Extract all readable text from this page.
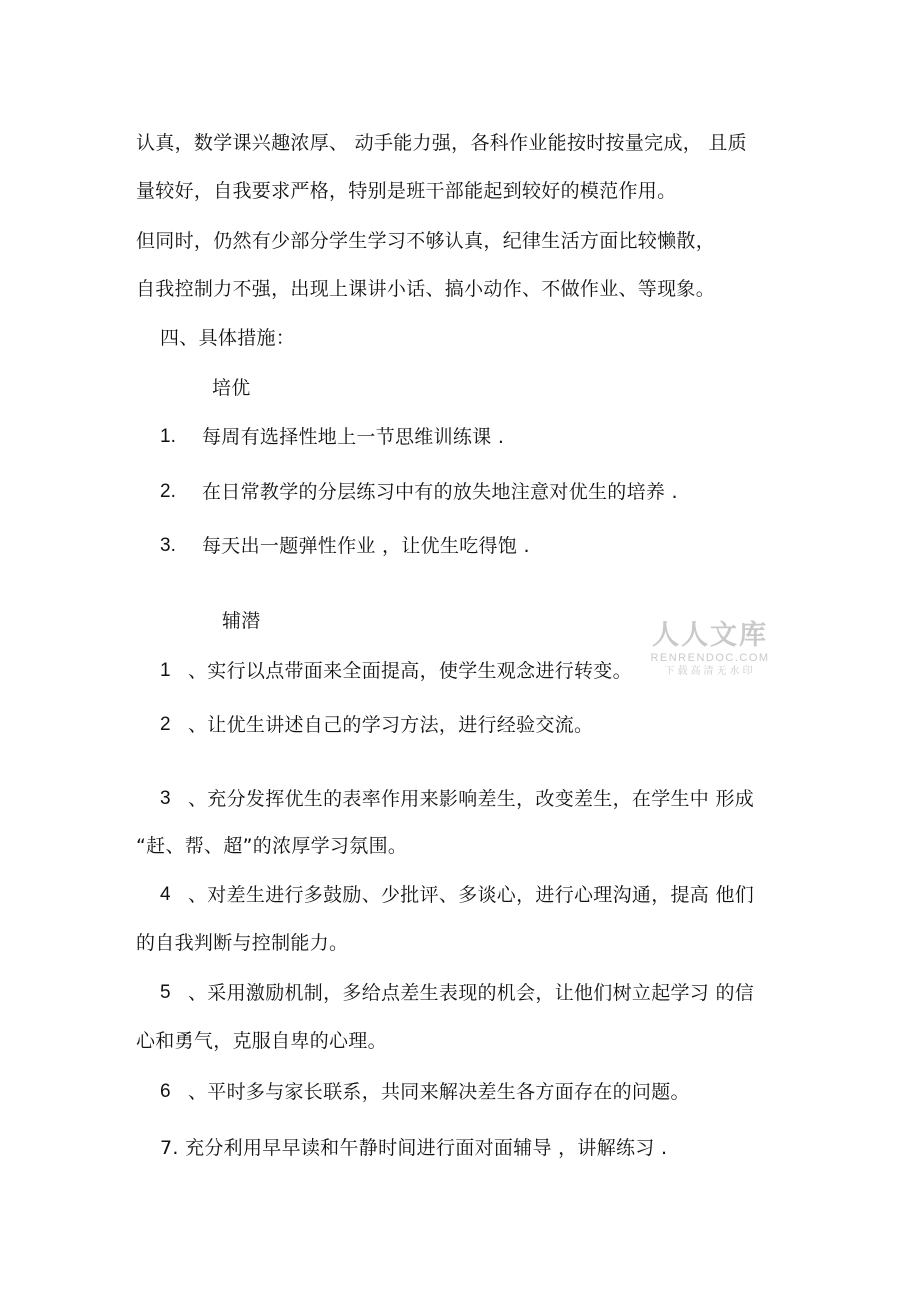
认真，数学课兴趣浓厚、 动手能力强，各科作业能按时按量完成， 且质
量较好，自我要求严格，特别是班干部能起到较好的模范作用。
但同时，仍然有少部分学生学习不够认真，纪律生活方面比较懒散，
自我控制力不强，出现上课讲小话、搞小动作、不做作业、等现象。
四、具体措施：
培优
1. 每周有选择性地上一节思维训练课 .
2. 在日常教学的分层练习中有的放失地注意对优生的培养 .
3. 每天出一题弹性作业 ，让优生吃得饱 .
辅潜
1 、实行以点带面来全面提高，使学生观念进行转变。
2 、让优生讲述自己的学习方法，进行经验交流。
3 、充分发挥优生的表率作用来影响差生，改变差生，在学生中 形成
“赶、帮、超”的浓厚学习氛围。
4 、对差生进行多鼓励、少批评、多谈心，进行心理沟通，提高 他们
的自我判断与控制能力。
5 、采用激励机制，多给点差生表现的机会，让他们树立起学习 的信
心和勇气，克服自卑的心理。
6 、平时多与家长联系，共同来解决差生各方面存在的问题。
7. 充分利用早早读和午静时间进行面对面辅导 ，讲解练习 .
人人文库
RENRENDOC.COM
下载高清无水印
